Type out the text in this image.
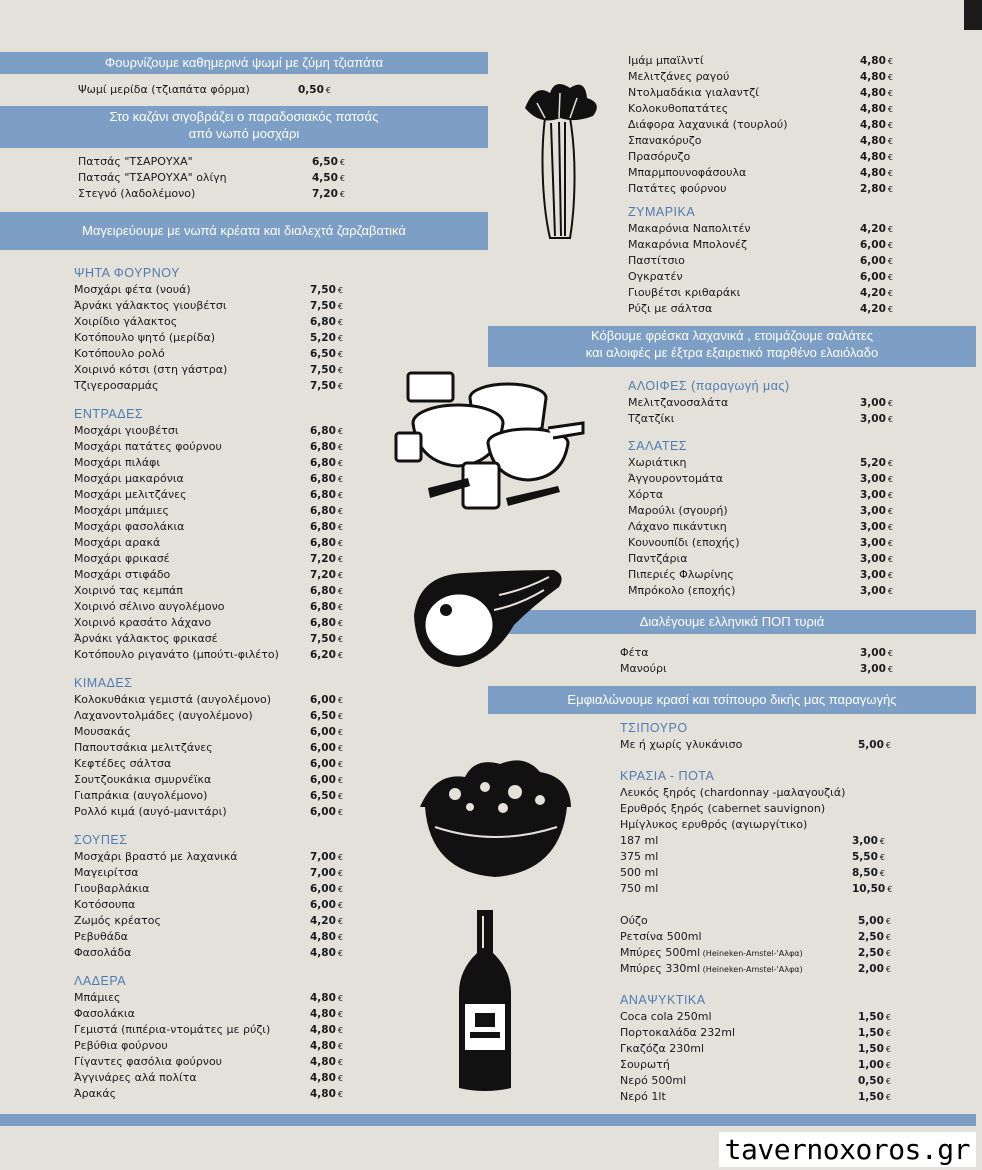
Φουρνίζουμε καθημερινά ψωμί με ζύμη τζιαπάτα
Ψωμί μερίδα (τζιαπάτα φόρμα)	0,50 €
Στο καζάνι σιγοβράζει ο παραδοσιακός πατσάς
από νωπό μοσχάρι
Πατσάς "ΤΣΑΡΟΥΧΑ"	6,50 €
Πατσάς "ΤΣΑΡΟΥΧΑ" ολίγη	4,50 €
Στεγνό (λαδολέμονο)	7,20 €
Μαγειρεύουμε με νωπά κρέατα και διαλεχτά ζαρζαβατικά
ΨΗΤΑ ΦΟΥΡΝΟΥ
Μοσχάρι φέτα (νουά)	7,50 €
Άρνάκι γάλακτος γιουβέτσι	7,50 €
Χοιρίδιο γάλακτος	6,80 €
Κοτόπουλο ψητό (μερίδα)	5,20 €
Κοτόπουλο ρολό	6,50 €
Χοιρινό κότσι (στη γάστρα)	7,50 €
Τζιγεροσαρμάς	7,50 €
ΕΝΤΡΑΔΕΣ
Μοσχάρι γιουβέτσι	6,80 €
Μοσχάρι πατάτες φούρνου	6,80 €
Μοσχάρι πιλάφι	6,80 €
Μοσχάρι μακαρόνια	6,80 €
Μοσχάρι μελιτζάνες	6,80 €
Μοσχάρι μπάμιες	6,80 €
Μοσχάρι φασολάκια	6,80 €
Μοσχάρι αρακά	6,80 €
Μοσχάρι φρικασέ	7,20 €
Μοσχάρι στιφάδο	7,20 €
Χοιρινό τας κεμπάπ	6,80 €
Χοιρινό σέλινο αυγολέμονο	6,80 €
Χοιρινό κρασάτο λάχανο	6,80 €
Άρνάκι γάλακτος φρικασέ	7,50 €
Κοτόπουλο ριγανάτο (μπούτι-φιλέτο)	6,20 €
ΚΙΜΑΔΕΣ
Κολοκυθάκια γεμιστά (αυγολέμονο)	6,00 €
Λαχανοντολμάδες (αυγολέμονο)	6,50 €
Μουσακάς	6,00 €
Παπουτσάκια μελιτζάνες	6,00 €
Κεφτέδες σάλτσα	6,00 €
Σουτζουκάκια σμυρνέϊκα	6,00 €
Γιαπράκια (αυγολέμονο)	6,50 €
Ρολλό κιμά (αυγό-μανιτάρι)	6,00 €
ΣΟΥΠΕΣ
Μοσχάρι βραστό με λαχανικά	7,00 €
Μαγειρίτσα	7,00 €
Γιουβαρλάκια	6,00 €
Κοτόσουπα	6,00 €
Ζωμός κρέατος	4,20 €
Ρεβυθάδα	4,80 €
Φασολάδα	4,80 €
ΛΑΔΕΡΑ
Μπάμιες	4,80 €
Φασολάκια	4,80 €
Γεμιστά (πιπέρια-ντομάτες με ρύζι)	4,80 €
Ρεβύθια φούρνου	4,80 €
Γίγαντες φασόλια φούρνου	4,80 €
Άγγινάρες αλά πολίτα	4,80 €
Άρακάς	4,80 €
Ιμάμ μπαϊλντί	4,80 €
Μελιτζάνες ραγού	4,80 €
Ντολμαδάκια γιαλαντζί	4,80 €
Κολοκυθοπατάτες	4,80 €
Διάφορα λαχανικά (τουρλού)	4,80 €
Σπανακόρυζο	4,80 €
Πρασόρυζο	4,80 €
Μπαρμπουνοφάσουλα	4,80 €
Πατάτες φούρνου	2,80 €
ΖΥΜΑΡΙΚΑ
Μακαρόνια Ναπολιτέν	4,20 €
Μακαρόνια Μπολονέζ	6,00 €
Παστίτσιο	6,00 €
Ογκρατέν	6,00 €
Γιουβέτσι κριθαράκι	4,20 €
Ρύζι με σάλτσα	4,20 €
Κόβουμε φρέσκα λαχανικά , ετοιμάζουμε σαλάτες
και αλοιφές με έξτρα εξαιρετικό παρθένο ελαιόλαδο
ΑΛΟΙΦΕΣ (παραγωγή μας)
Μελιτζανοσαλάτα	3,00 €
Τζατζίκι	3,00 €
ΣΑΛΑΤΕΣ
Χωριάτικη	5,20 €
Άγγουροντομάτα	3,00 €
Χόρτα	3,00 €
Μαρούλι (σγουρή)	3,00 €
Λάχανο πικάντικη	3,00 €
Κουνουπίδι (εποχής)	3,00 €
Παντζάρια	3,00 €
Πιπεριές Φλωρίνης	3,00 €
Μπρόκολο (εποχής)	3,00 €
Διαλέγουμε ελληνικά ΠΟΠ τυριά
Φέτα	3,00 €
Μανούρι	3,00 €
Εμφιαλώνουμε κρασί και τσίπουρο δικής μας παραγωγής
ΤΣΙΠΟΥΡΟ
Με ή χωρίς γλυκάνισο	5,00 €
ΚΡΑΣΙΑ - ΠΟΤΑ
Λευκός ξηρός (chardonnay -μαλαγουζιά)
Ερυθρός ξηρός (cabernet sauvignon)
Ημίγλυκος ερυθρός (αγιωργίτικο)
187 ml	3,00 €
375 ml	5,50 €
500 ml	8,50 €
750 ml	10,50 €
Ούζο	5,00 €
Ρετσίνα 500ml	2,50 €
Μπύρες 500ml (Heineken-Amstel-'Αλφα)	2,50 €
Μπύρες 330ml (Heineken-Amstel-'Αλφα)	2,00 €
ΑΝΑΨΥΚΤΙΚΑ
Coca cola 250ml	1,50 €
Πορτοκαλάδα 232ml	1,50 €
Γκαζόζα 230ml	1,50 €
Σουρωτή	1,00 €
Νερό 500ml	0,50 €
Νερό 1lt	1,50 €
tavernoxoros.gr
